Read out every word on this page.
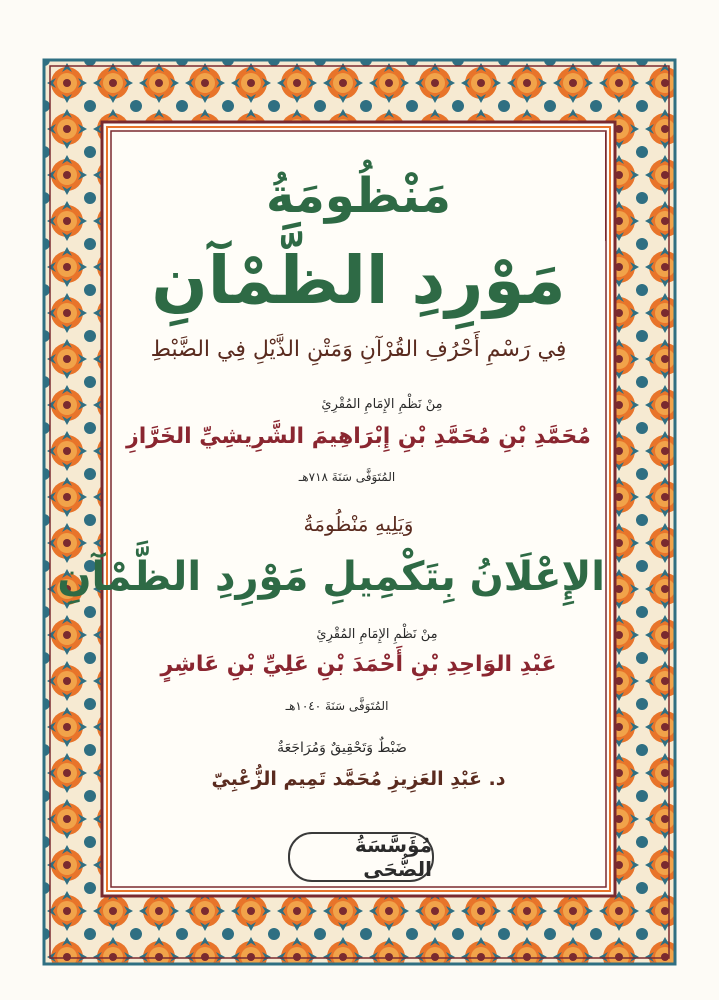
مَنْظُومَةُ
مَوْرِدِ الظَّمْآنِ
فِي رَسْمِ أَحْرُفِ القُرْآنِ وَمَتْنِ الذَّيْلِ فِي الضَّبْطِ
مِنْ نَظْمِ الإِمَامِ المُقْرِئِ
مُحَمَّدِ بْنِ مُحَمَّدِ بْنِ إِبْرَاهِيمَ الشَّرِيشِيِّ الخَرَّازِ
المُتَوَفَّى سَنَةَ ٧١٨هـ
وَيَلِيهِ مَنْظُومَةُ
الإِعْلَانُ بِتَكْمِيلِ مَوْرِدِ الظَّمْآنِ
مِنْ نَظْمِ الإِمَامِ المُقْرِئِ
عَبْدِ الوَاحِدِ بْنِ أَحْمَدَ بْنِ عَلِيِّ بْنِ عَاشِرٍ
المُتَوَفَّى سَنَةَ ١٠٤٠هـ
ضَبْطٌ وَتَحْقِيقٌ وَمُرَاجَعَةٌ
د. عَبْدِ العَزِيزِ مُحَمَّد تَمِيم الزُّعْبِيّ
مُؤَسَّسَةُ الضُّحَى
